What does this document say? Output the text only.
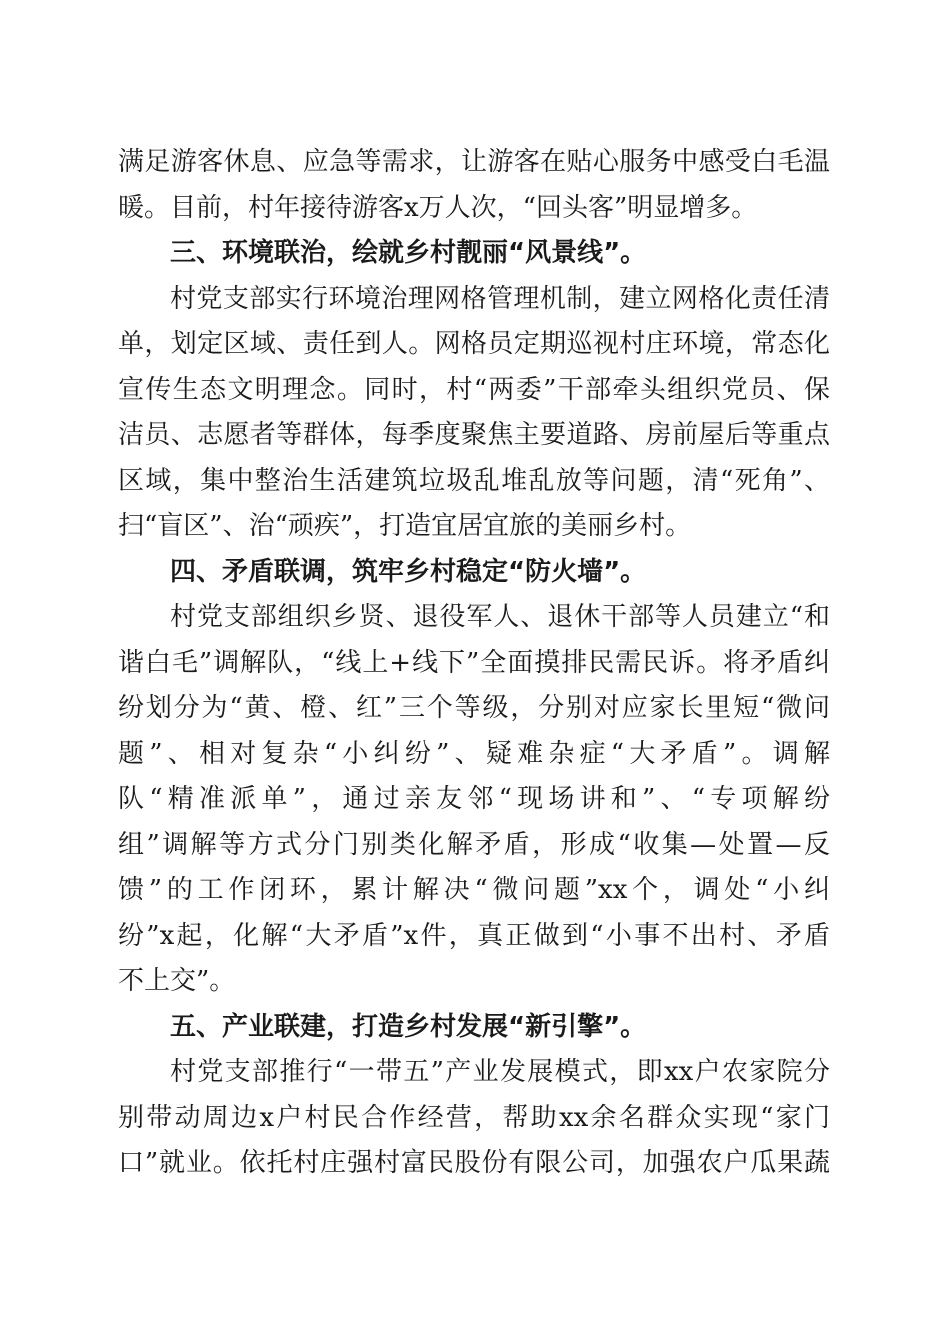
满足游客休息、应急等需求，让游客在贴心服务中感受白毛温
暖。目前，村年接待游客x万人次，“回头客”明显增多。
三、环境联治，绘就乡村靓丽“风景线”。
村党支部实行环境治理网格管理机制，建立网格化责任清
单，划定区域、责任到人。网格员定期巡视村庄环境，常态化
宣传生态文明理念。同时，村“两委”干部牵头组织党员、保
洁员、志愿者等群体，每季度聚焦主要道路、房前屋后等重点
区域，集中整治生活建筑垃圾乱堆乱放等问题，清“死角”、
扫“盲区”、治“顽疾”，打造宜居宜旅的美丽乡村。
四、矛盾联调，筑牢乡村稳定“防火墙”。
村党支部组织乡贤、退役军人、退休干部等人员建立“和
谐白毛”调解队，“线上+线下”全面摸排民需民诉。将矛盾纠
纷划分为“黄、橙、红”三个等级，分别对应家长里短“微问
题”、相对复杂“小纠纷”、疑难杂症“大矛盾”。调解
队“精准派单”，通过亲友邻“现场讲和”、“专项解纷
组”调解等方式分门别类化解矛盾，形成“收集—处置—反
馈”的工作闭环，累计解决“微问题”xx个，调处“小纠
纷”x起，化解“大矛盾”x件，真正做到“小事不出村、矛盾
不上交”。
五、产业联建，打造乡村发展“新引擎”。
村党支部推行“一带五”产业发展模式，即xx户农家院分
别带动周边x户村民合作经营，帮助xx余名群众实现“家门
口”就业。依托村庄强村富民股份有限公司，加强农户瓜果蔬
